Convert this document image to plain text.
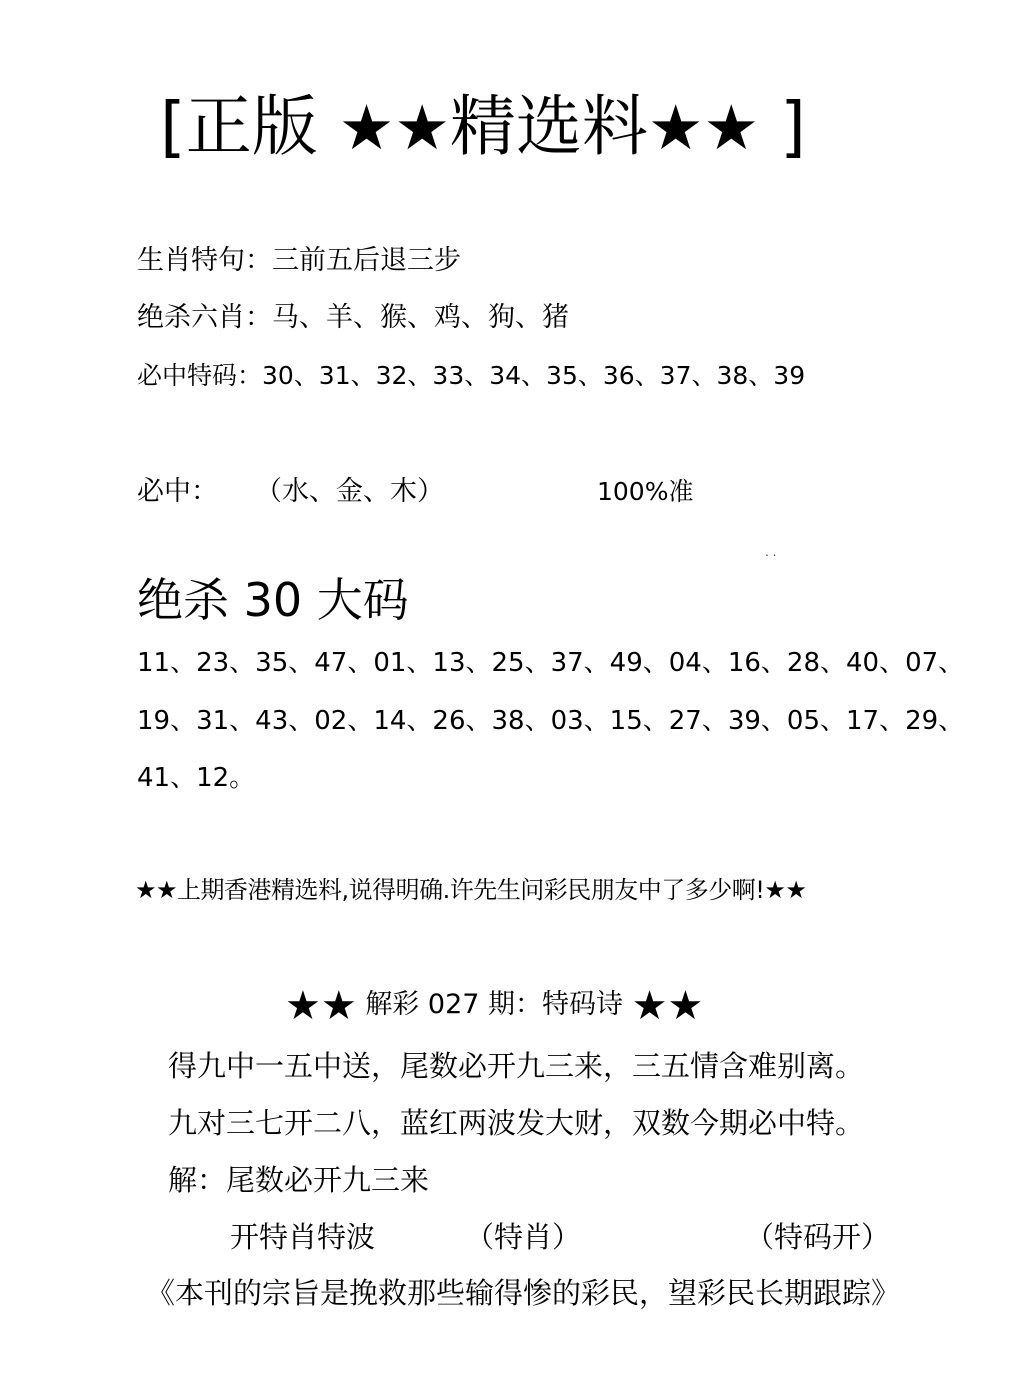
[正版 ★★精选料★★ ]
生肖特句：三前五后退三步
绝杀六肖：马、羊、猴、鸡、狗、猪
必中特码：30、31、32、33、34、35、36、37、38、39
必中： （水、金、木）	100%准
. .
绝杀 30 大码
11、23、35、47、01、13、25、37、49、04、16、28、40、07、
19、31、43、02、14、26、38、03、15、27、39、05、17、29、
41、12。
★★上期香港精选料,说得明确.许先生问彩民朋友中了多少啊!★★
★★ 解彩 027 期：特码诗 ★★
得九中一五中送，尾数必开九三来，三五情含难别离。
九对三七开二八，蓝红两波发大财，双数今期必中特。
解：尾数必开九三来
开特肖特波	（特肖）	（特码开）
《本刊的宗旨是挽救那些输得惨的彩民，望彩民长期跟踪》
